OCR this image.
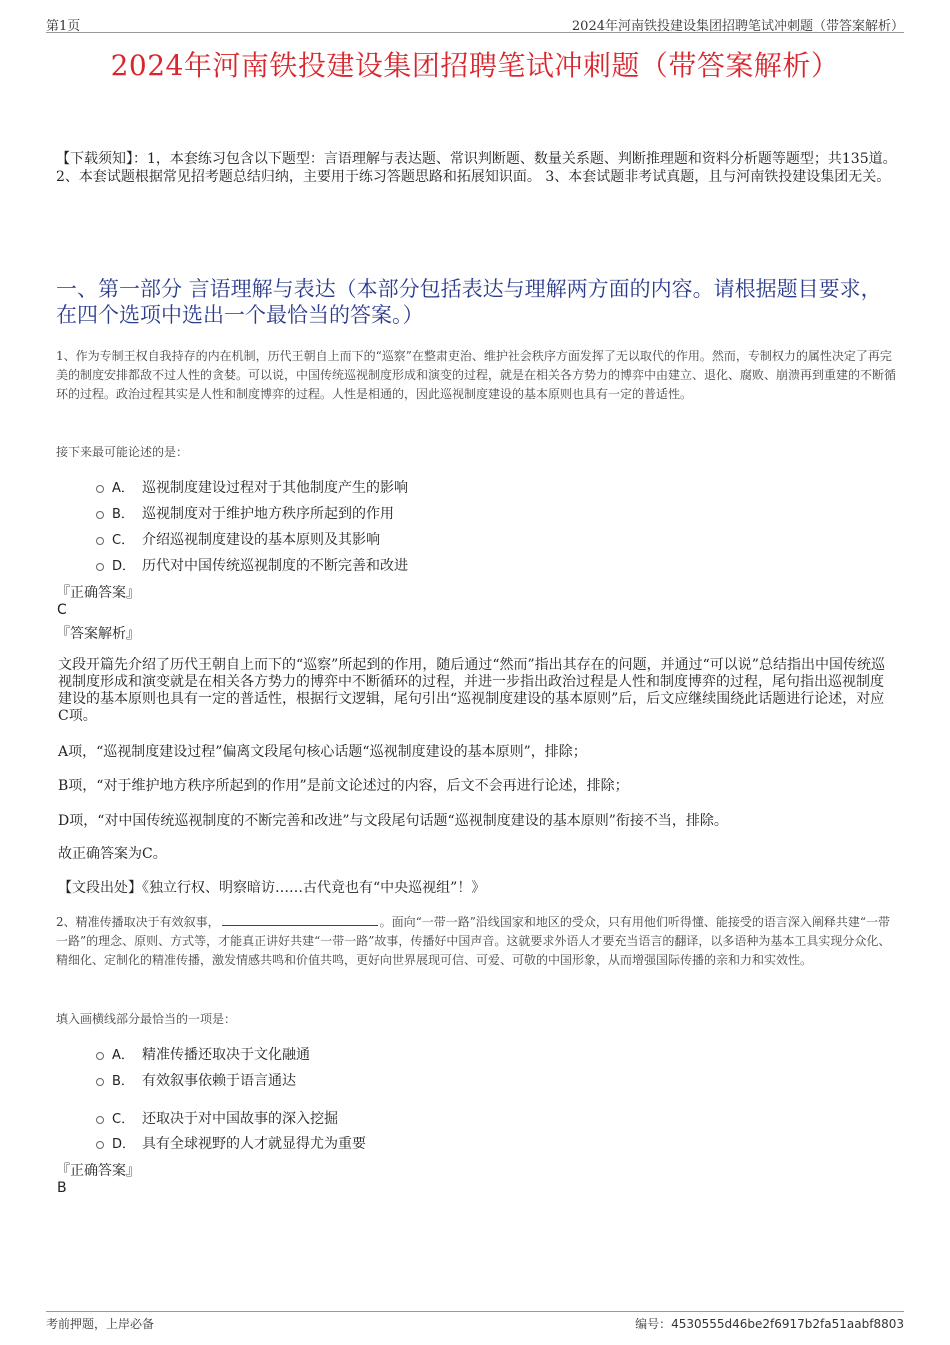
第1页	2024年河南铁投建设集团招聘笔试冲刺题（带答案解析）
2024年河南铁投建设集团招聘笔试冲刺题（带答案解析）
【下载须知】：1，本套练习包含以下题型：言语理解与表达题、常识判断题、数量关系题、判断推理题和资料分析题等题型；共135道。 2、本套试题根据常见招考题总结归纳，主要用于练习答题思路和拓展知识面。 3、本套试题非考试真题，且与河南铁投建设集团无关。
一、第一部分 言语理解与表达（本部分包括表达与理解两方面的内容。请根据题目要求，在四个选项中选出一个最恰当的答案。）
1、作为专制王权自我持存的内在机制，历代王朝自上而下的“巡察”在整肃吏治、维护社会秩序方面发挥了无以取代的作用。然而，专制权力的属性决定了再完美的制度安排都敌不过人性的贪婪。可以说，中国传统巡视制度形成和演变的过程，就是在相关各方势力的博弈中由建立、退化、腐败、崩溃再到重建的不断循环的过程。政治过程其实是人性和制度博弈的过程。人性是相通的，因此巡视制度建设的基本原则也具有一定的普适性。
接下来最可能论述的是：
A． 巡视制度建设过程对于其他制度产生的影响
B． 巡视制度对于维护地方秩序所起到的作用
C． 介绍巡视制度建设的基本原则及其影响
D． 历代对中国传统巡视制度的不断完善和改进
『正确答案』
C
『答案解析』
文段开篇先介绍了历代王朝自上而下的“巡察”所起到的作用，随后通过“然而”指出其存在的问题，并通过“可以说”总结指出中国传统巡视制度形成和演变就是在相关各方势力的博弈中不断循环的过程，并进一步指出政治过程是人性和制度博弈的过程，尾句指出巡视制度建设的基本原则也具有一定的普适性，根据行文逻辑，尾句引出“巡视制度建设的基本原则”后，后文应继续围绕此话题进行论述，对应C项。
A项，“巡视制度建设过程”偏离文段尾句核心话题“巡视制度建设的基本原则”，排除；
B项，“对于维护地方秩序所起到的作用”是前文论述过的内容，后文不会再进行论述，排除；
D项，“对中国传统巡视制度的不断完善和改进”与文段尾句话题“巡视制度建设的基本原则”衔接不当，排除。
故正确答案为C。
【文段出处】《独立行权、明察暗访……古代竟也有“中央巡视组”！》
2、精准传播取决于有效叙事，	。面向“一带一路”沿线国家和地区的受众，只有用他们听得懂、能接受的语言深入阐释共建“一带一路”的理念、原则、方式等，才能真正讲好共建“一带一路”故事，传播好中国声音。这就要求外语人才要充当语言的翻译，以多语种为基本工具实现分众化、精细化、定制化的精准传播，激发情感共鸣和价值共鸣，更好向世界展现可信、可爱、可敬的中国形象，从而增强国际传播的亲和力和实效性。
填入画横线部分最恰当的一项是：
A． 精准传播还取决于文化融通
B． 有效叙事依赖于语言通达
C． 还取决于对中国故事的深入挖掘
D． 具有全球视野的人才就显得尤为重要
『正确答案』
B
考前押题，上岸必备	编号：4530555d46be2f6917b2fa51aabf8803
